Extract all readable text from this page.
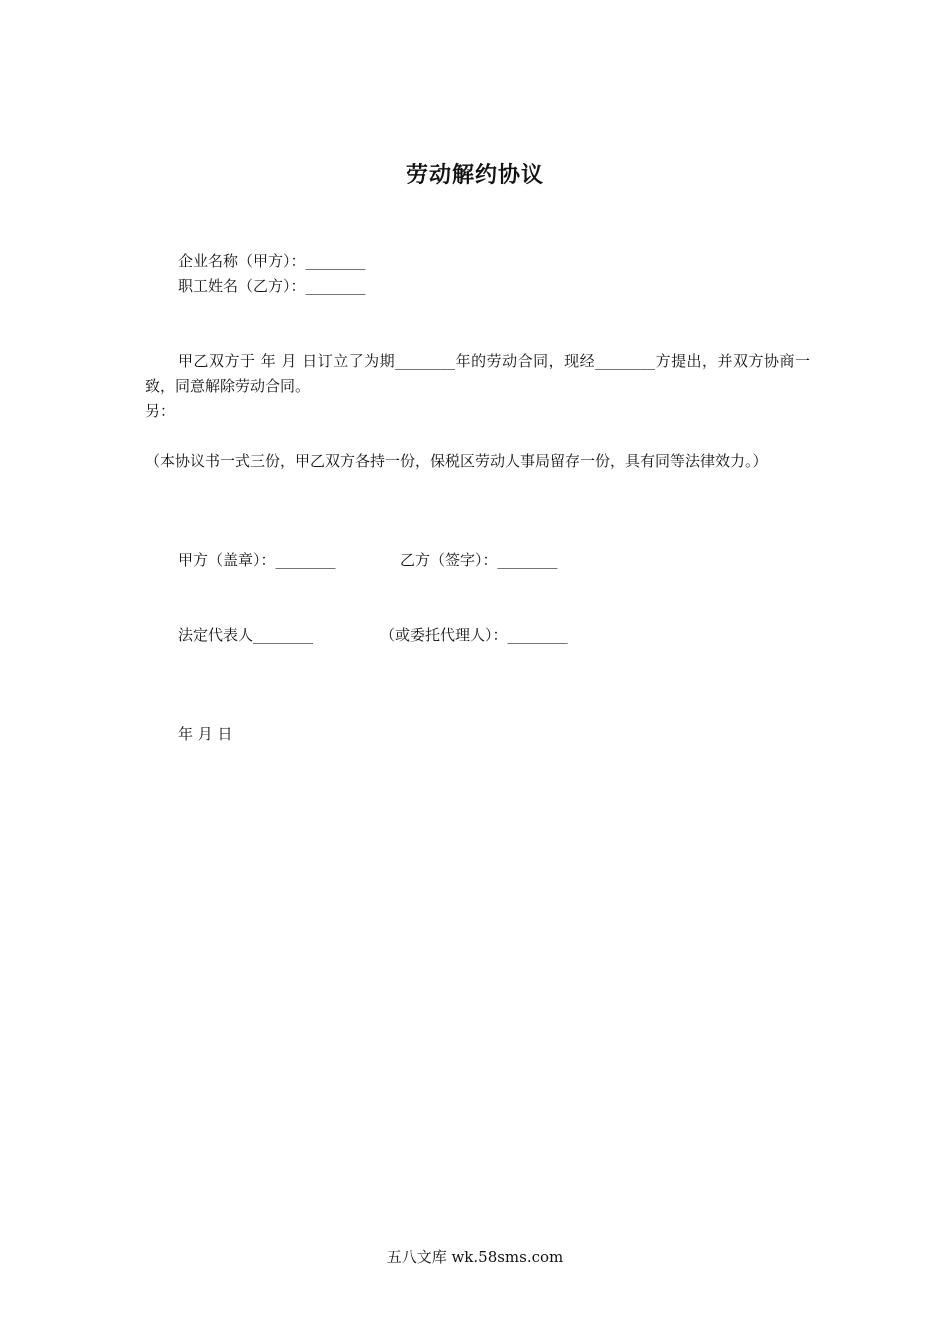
劳动解约协议
企业名称（甲方）：________
职工姓名（乙方）：________
甲乙双方于 年 月 日订立了为期________年的劳动合同，现经________方提出，并双方协商一致，同意解除劳动合同。
另：
（本协议书一式三份，甲乙双方各持一份，保税区劳动人事局留存一份，具有同等法律效力。）
甲方（盖章）：________	乙方（签字）：________
法定代表人________	（或委托代理人）：________
年 月 日
五八文库 wk.58sms.com
